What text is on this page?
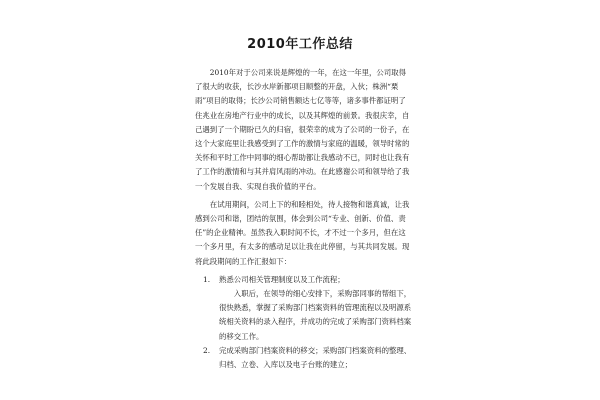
2010年工作总结

2010年对于公司来说是辉煌的一年，在这一年里，公司取得了很大的收获，长沙水岸新都项目顺整的开盘，入伙；株洲“栗雨”项目的取得；长沙公司销售额达七亿等等，诸多事件都证明了住兆业在房地产行业中的成长，以及其辉煌的前景。我很庆幸，自己遇到了一个期盼已久的归宿，很荣幸的成为了公司的一份子，在这个大家庭里让我感受到了工作的激情与家庭的温暖，领导时常的关怀和平时工作中同事的细心帮助都让我感动不已，同时也让我有了工作的激情和与其并肩风雨的冲动。在此感谢公司和领导给了我一个发展自我、实现自我价值的平台。

在试用期间，公司上下的和睦相处，待人接物和谐真诚，让我感到公司和谐，团结的氛围，体会到公司“专业、创新、价值、责任”的企业精神。虽然我入职时间不长，才不过一个多月，但在这一个多月里，有太多的感动足以让我在此停留，与其共同发展。现将此段期间的工作汇报如下：

1. 熟悉公司相关管理制度以及工作流程；

入职后，在领导的细心安排下，采购部同事的帮组下，很快熟悉，掌握了采购部门档案资料的管理流程以及明源系统相关资料的录入程序，并成功的完成了采购部门资料档案的移交工作。

2. 完成采购部门档案资料的移交；采购部门档案资料的整理、归档、立卷、入库以及电子台账的建立；
